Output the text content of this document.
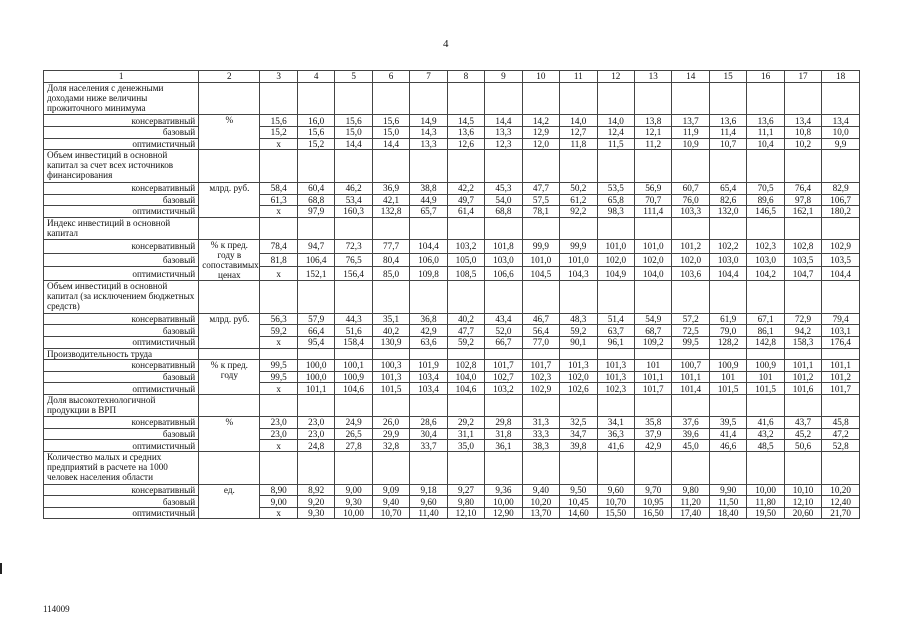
4
1	2	3	4	5	6	7	8	9	10	11	12	13	14	15	16	17	18
Доля населения с денежными доходами ниже величины прожиточного минимума																	
консервативный	%	15,6	16,0	15,6	15,6	14,9	14,5	14,4	14,2	14,0	14,0	13,8	13,7	13,6	13,6	13,4	13,4
базовый		15,2	15,6	15,0	15,0	14,3	13,6	13,3	12,9	12,7	12,4	12,1	11,9	11,4	11,1	10,8	10,0
оптимистичный		х	15,2	14,4	14,4	13,3	12,6	12,3	12,0	11,8	11,5	11,2	10,9	10,7	10,4	10,2	9,9
Объем инвестиций в основной капитал за счет всех источников финансирования																	
консервативный	млрд. руб.	58,4	60,4	46,2	36,9	38,8	42,2	45,3	47,7	50,2	53,5	56,9	60,7	65,4	70,5	76,4	82,9
базовый		61,3	68,8	53,4	42,1	44,9	49,7	54,0	57,5	61,2	65,8	70,7	76,0	82,6	89,6	97,8	106,7
оптимистичный		х	97,9	160,3	132,8	65,7	61,4	68,8	78,1	92,2	98,3	111,4	103,3	132,0	146,5	162,1	180,2
Индекс инвестиций в основной капитал																	
консервативный	% к пред. году в сопоставимых ценах	78,4	94,7	72,3	77,7	104,4	103,2	101,8	99,9	99,9	101,0	101,0	101,2	102,2	102,3	102,8	102,9
базовый		81,8	106,4	76,5	80,4	106,0	105,0	103,0	101,0	101,0	102,0	102,0	102,0	103,0	103,0	103,5	103,5
оптимистичный		х	152,1	156,4	85,0	109,8	108,5	106,6	104,5	104,3	104,9	104,0	103,6	104,4	104,2	104,7	104,4
Объем инвестиций в основной капитал (за исключением бюджетных средств)																	
консервативный	млрд. руб.	56,3	57,9	44,3	35,1	36,8	40,2	43,4	46,7	48,3	51,4	54,9	57,2	61,9	67,1	72,9	79,4
базовый		59,2	66,4	51,6	40,2	42,9	47,7	52,0	56,4	59,2	63,7	68,7	72,5	79,0	86,1	94,2	103,1
оптимистичный		х	95,4	158,4	130,9	63,6	59,2	66,7	77,0	90,1	96,1	109,2	99,5	128,2	142,8	158,3	176,4
Производительность труда																	
консервативный	% к пред. году	99,5	100,0	100,1	100,3	101,9	102,8	101,7	101,7	101,3	101,3	101	100,7	100,9	100,9	101,1	101,1
базовый		99,5	100,0	100,9	101,3	103,4	104,0	102,7	102,3	102,0	101,3	101,1	101,1	101	101	101,2	101,2
оптимистичный		х	101,1	104,6	101,5	103,4	104,6	103,2	102,9	102,6	102,3	101,7	101,4	101,5	101,5	101,6	101,7
Доля высокотехнологичной продукции в ВРП																	
консервативный	%	23,0	23,0	24,9	26,0	28,6	29,2	29,8	31,3	32,5	34,1	35,8	37,6	39,5	41,6	43,7	45,8
базовый		23,0	23,0	26,5	29,9	30,4	31,1	31,8	33,3	34,7	36,3	37,9	39,6	41,4	43,2	45,2	47,2
оптимистичный		х	24,8	27,8	32,8	33,7	35,0	36,1	38,3	39,8	41,6	42,9	45,0	46,6	48,5	50,6	52,8
Количество малых и средних предприятий в расчете на 1000 человек населения области																	
консервативный	ед.	8,90	8,92	9,00	9,09	9,18	9,27	9,36	9,40	9,50	9,60	9,70	9,80	9,90	10,00	10,10	10,20
базовый		9,00	9,20	9,30	9,40	9,60	9,80	10,00	10,20	10,45	10,70	10,95	11,20	11,50	11,80	12,10	12,40
оптимистичный		х	9,30	10,00	10,70	11,40	12,10	12,90	13,70	14,60	15,50	16,50	17,40	18,40	19,50	20,60	21,70
114009
